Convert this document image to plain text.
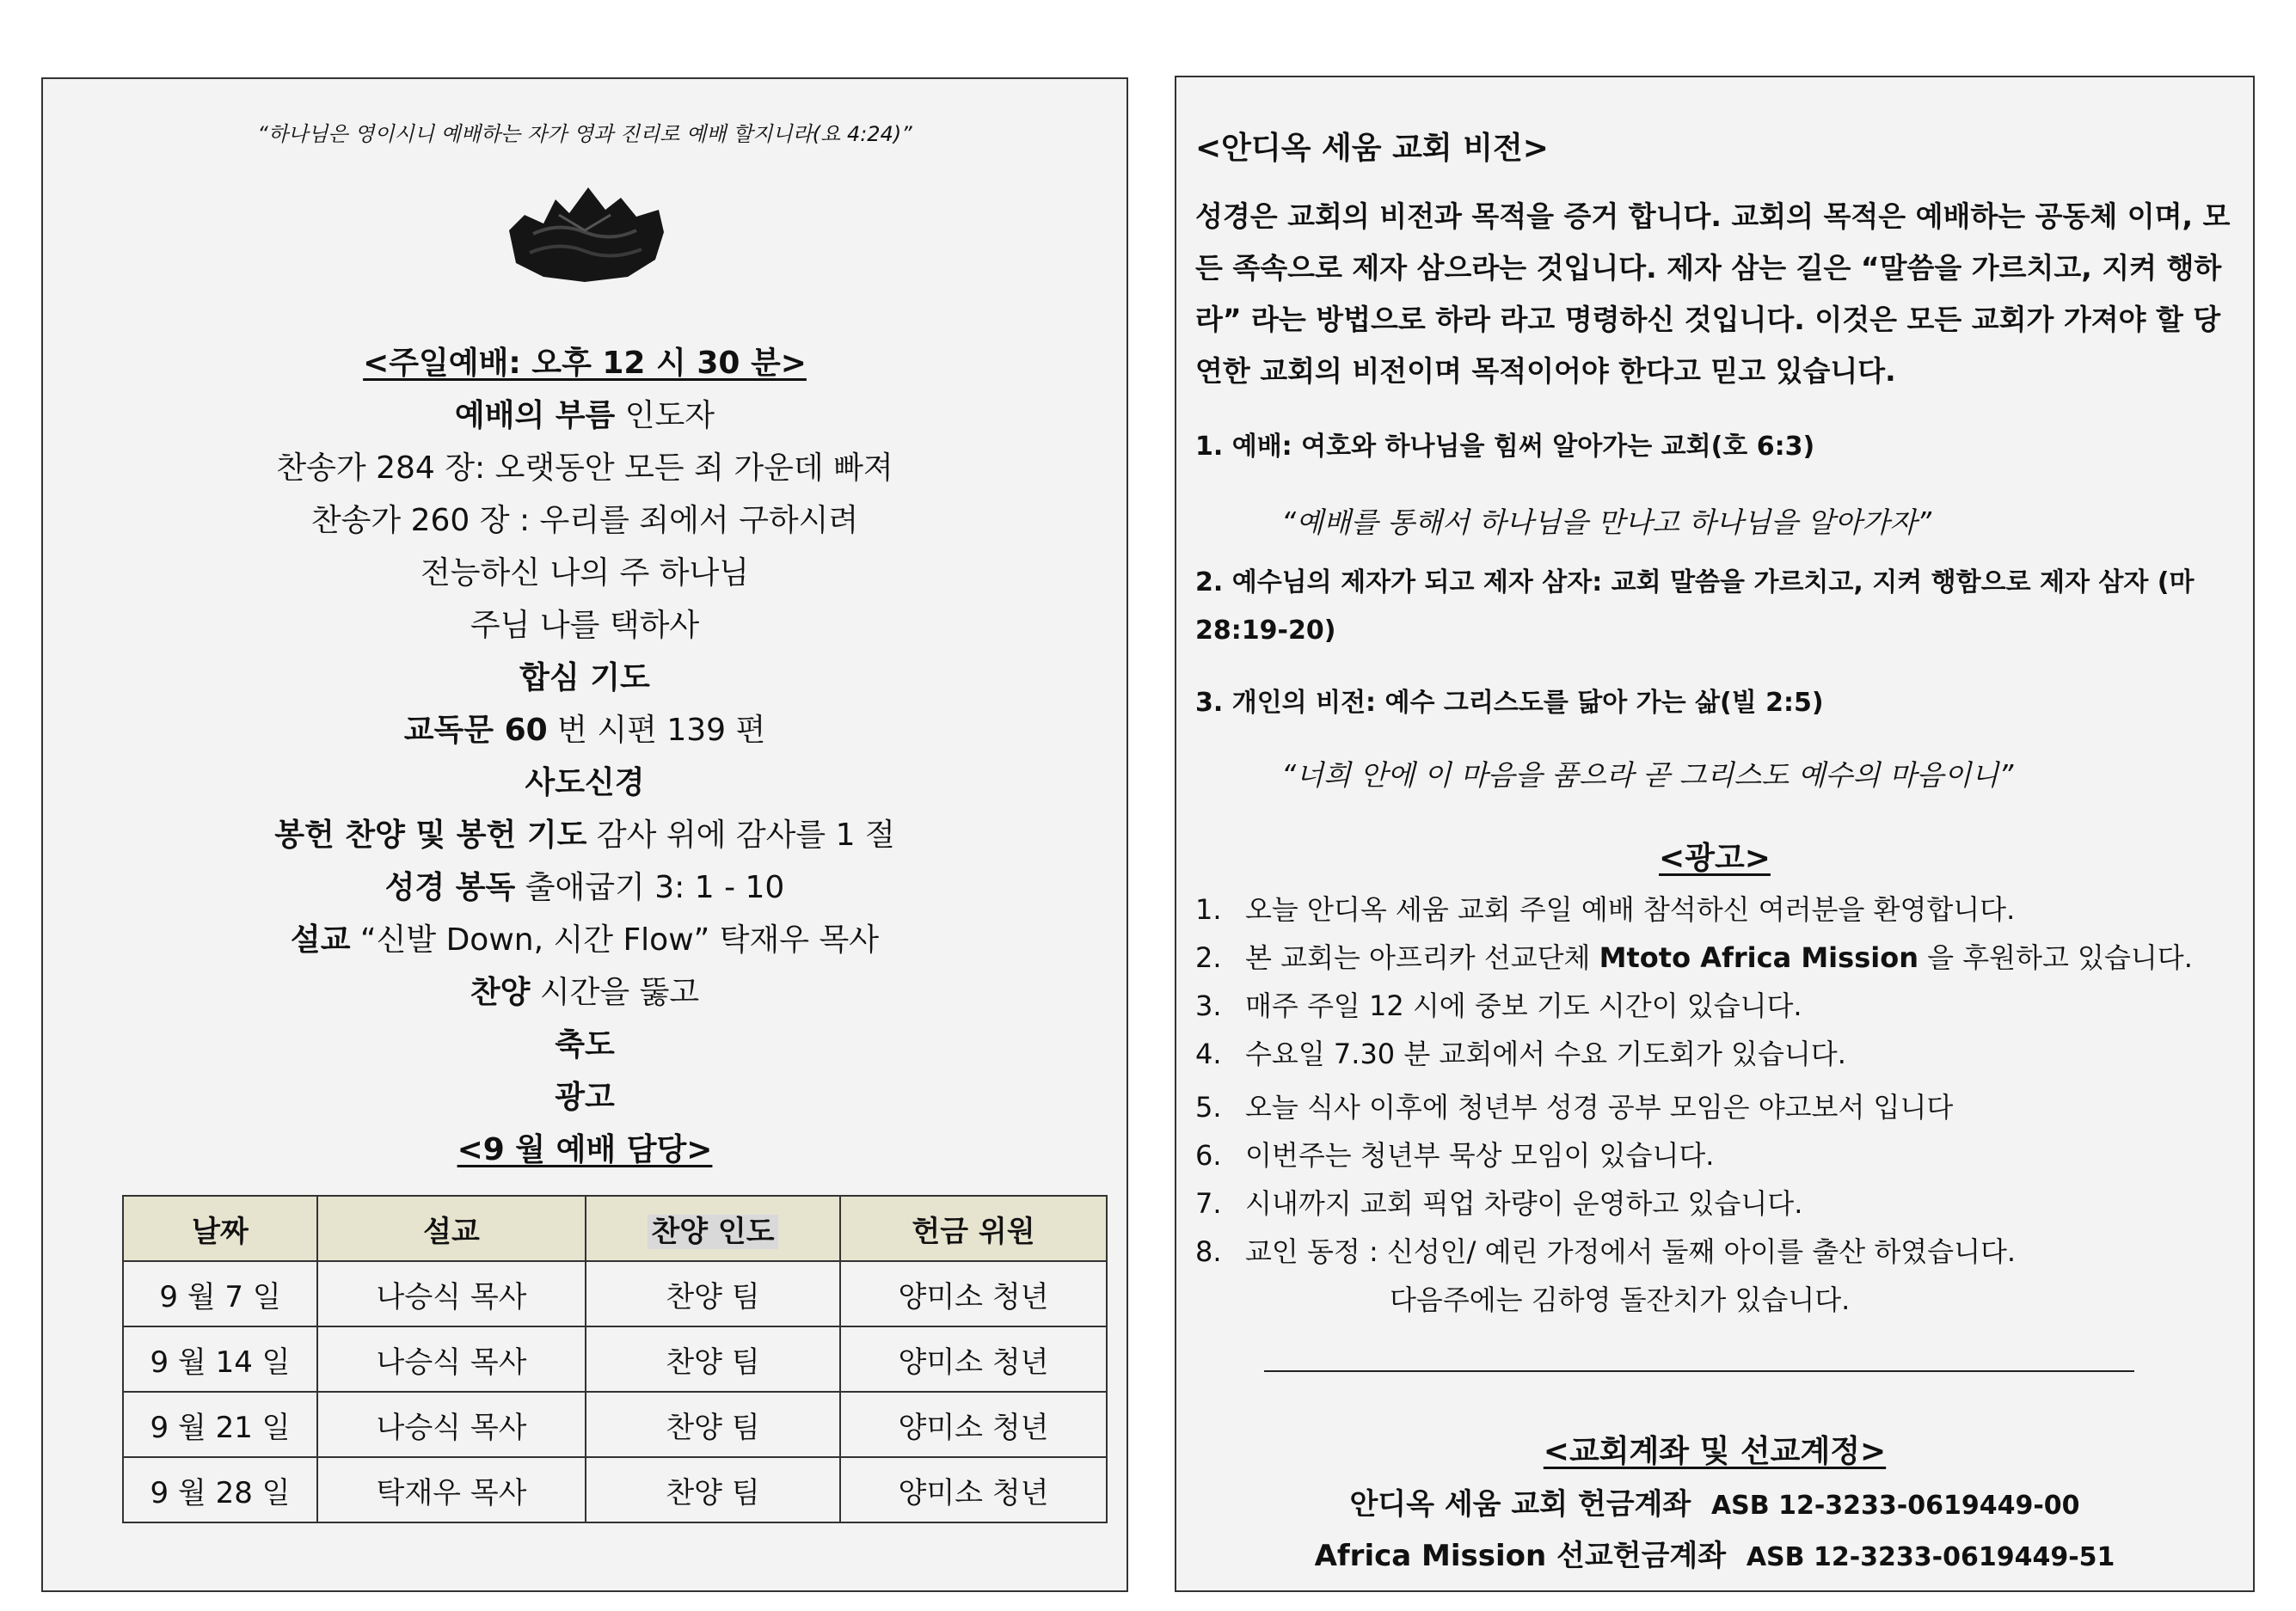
“하나님은 영이시니 예배하는 자가 영과 진리로 예배 할지니라(요 4:24)”
<주일예배: 오후 12 시 30 분>
예배의 부름 인도자
찬송가 284 장: 오랫동안 모든 죄 가운데 빠져
찬송가 260 장 : 우리를 죄에서 구하시려
전능하신 나의 주 하나님
주님 나를 택하사
합심 기도
교독문 60 번 시편 139 편
사도신경
봉헌 찬양 및 봉헌 기도 감사 위에 감사를 1 절
성경 봉독 출애굽기 3: 1 - 10
설교 “신발 Down, 시간 Flow” 탁재우 목사
찬양 시간을 뚫고
축도
광고
<9 월 예배 담당>
날짜	설교	찬양 인도	헌금 위원
9 월 7 일	나승식 목사	찬양 팀	양미소 청년
9 월 14 일	나승식 목사	찬양 팀	양미소 청년
9 월 21 일	나승식 목사	찬양 팀	양미소 청년
9 월 28 일	탁재우 목사	찬양 팀	양미소 청년
<안디옥 세움 교회 비전>
성경은 교회의 비전과 목적을 증거 합니다. 교회의 목적은 예배하는 공동체 이며, 모든 족속으로 제자 삼으라는 것입니다. 제자 삼는 길은 “말씀을 가르치고, 지켜 행하라” 라는 방법으로 하라 라고 명령하신 것입니다. 이것은 모든 교회가 가져야 할 당연한 교회의 비전이며 목적이어야 한다고 믿고 있습니다.
1. 예배: 여호와 하나님을 힘써 알아가는 교회(호 6:3)
“예배를 통해서 하나님을 만나고 하나님을 알아가자”
2. 예수님의 제자가 되고 제자 삼자: 교회 말씀을 가르치고, 지켜 행함으로 제자 삼자 (마 28:19-20)
3. 개인의 비전: 예수 그리스도를 닮아 가는 삶(빌 2:5)
“너희 안에 이 마음을 품으라 곧 그리스도 예수의 마음이니”
<광고>
1. 오늘 안디옥 세움 교회 주일 예배 참석하신 여러분을 환영합니다.
2. 본 교회는 아프리카 선교단체 Mtoto Africa Mission 을 후원하고 있습니다.
3. 매주 주일 12 시에 중보 기도 시간이 있습니다.
4. 수요일 7.30 분 교회에서 수요 기도회가 있습니다.
5. 오늘 식사 이후에 청년부 성경 공부 모임은 야고보서 입니다
6. 이번주는 청년부 묵상 모임이 있습니다.
7. 시내까지 교회 픽업 차량이 운영하고 있습니다.
8. 교인 동정 : 신성인/ 예린 가정에서 둘째 아이를 출산 하였습니다.
다음주에는 김하영 돌잔치가 있습니다.
<교회계좌 및 선교계정>
안디옥 세움 교회 헌금계좌 ASB 12-3233-0619449-00
Africa Mission 선교헌금계좌 ASB 12-3233-0619449-51
